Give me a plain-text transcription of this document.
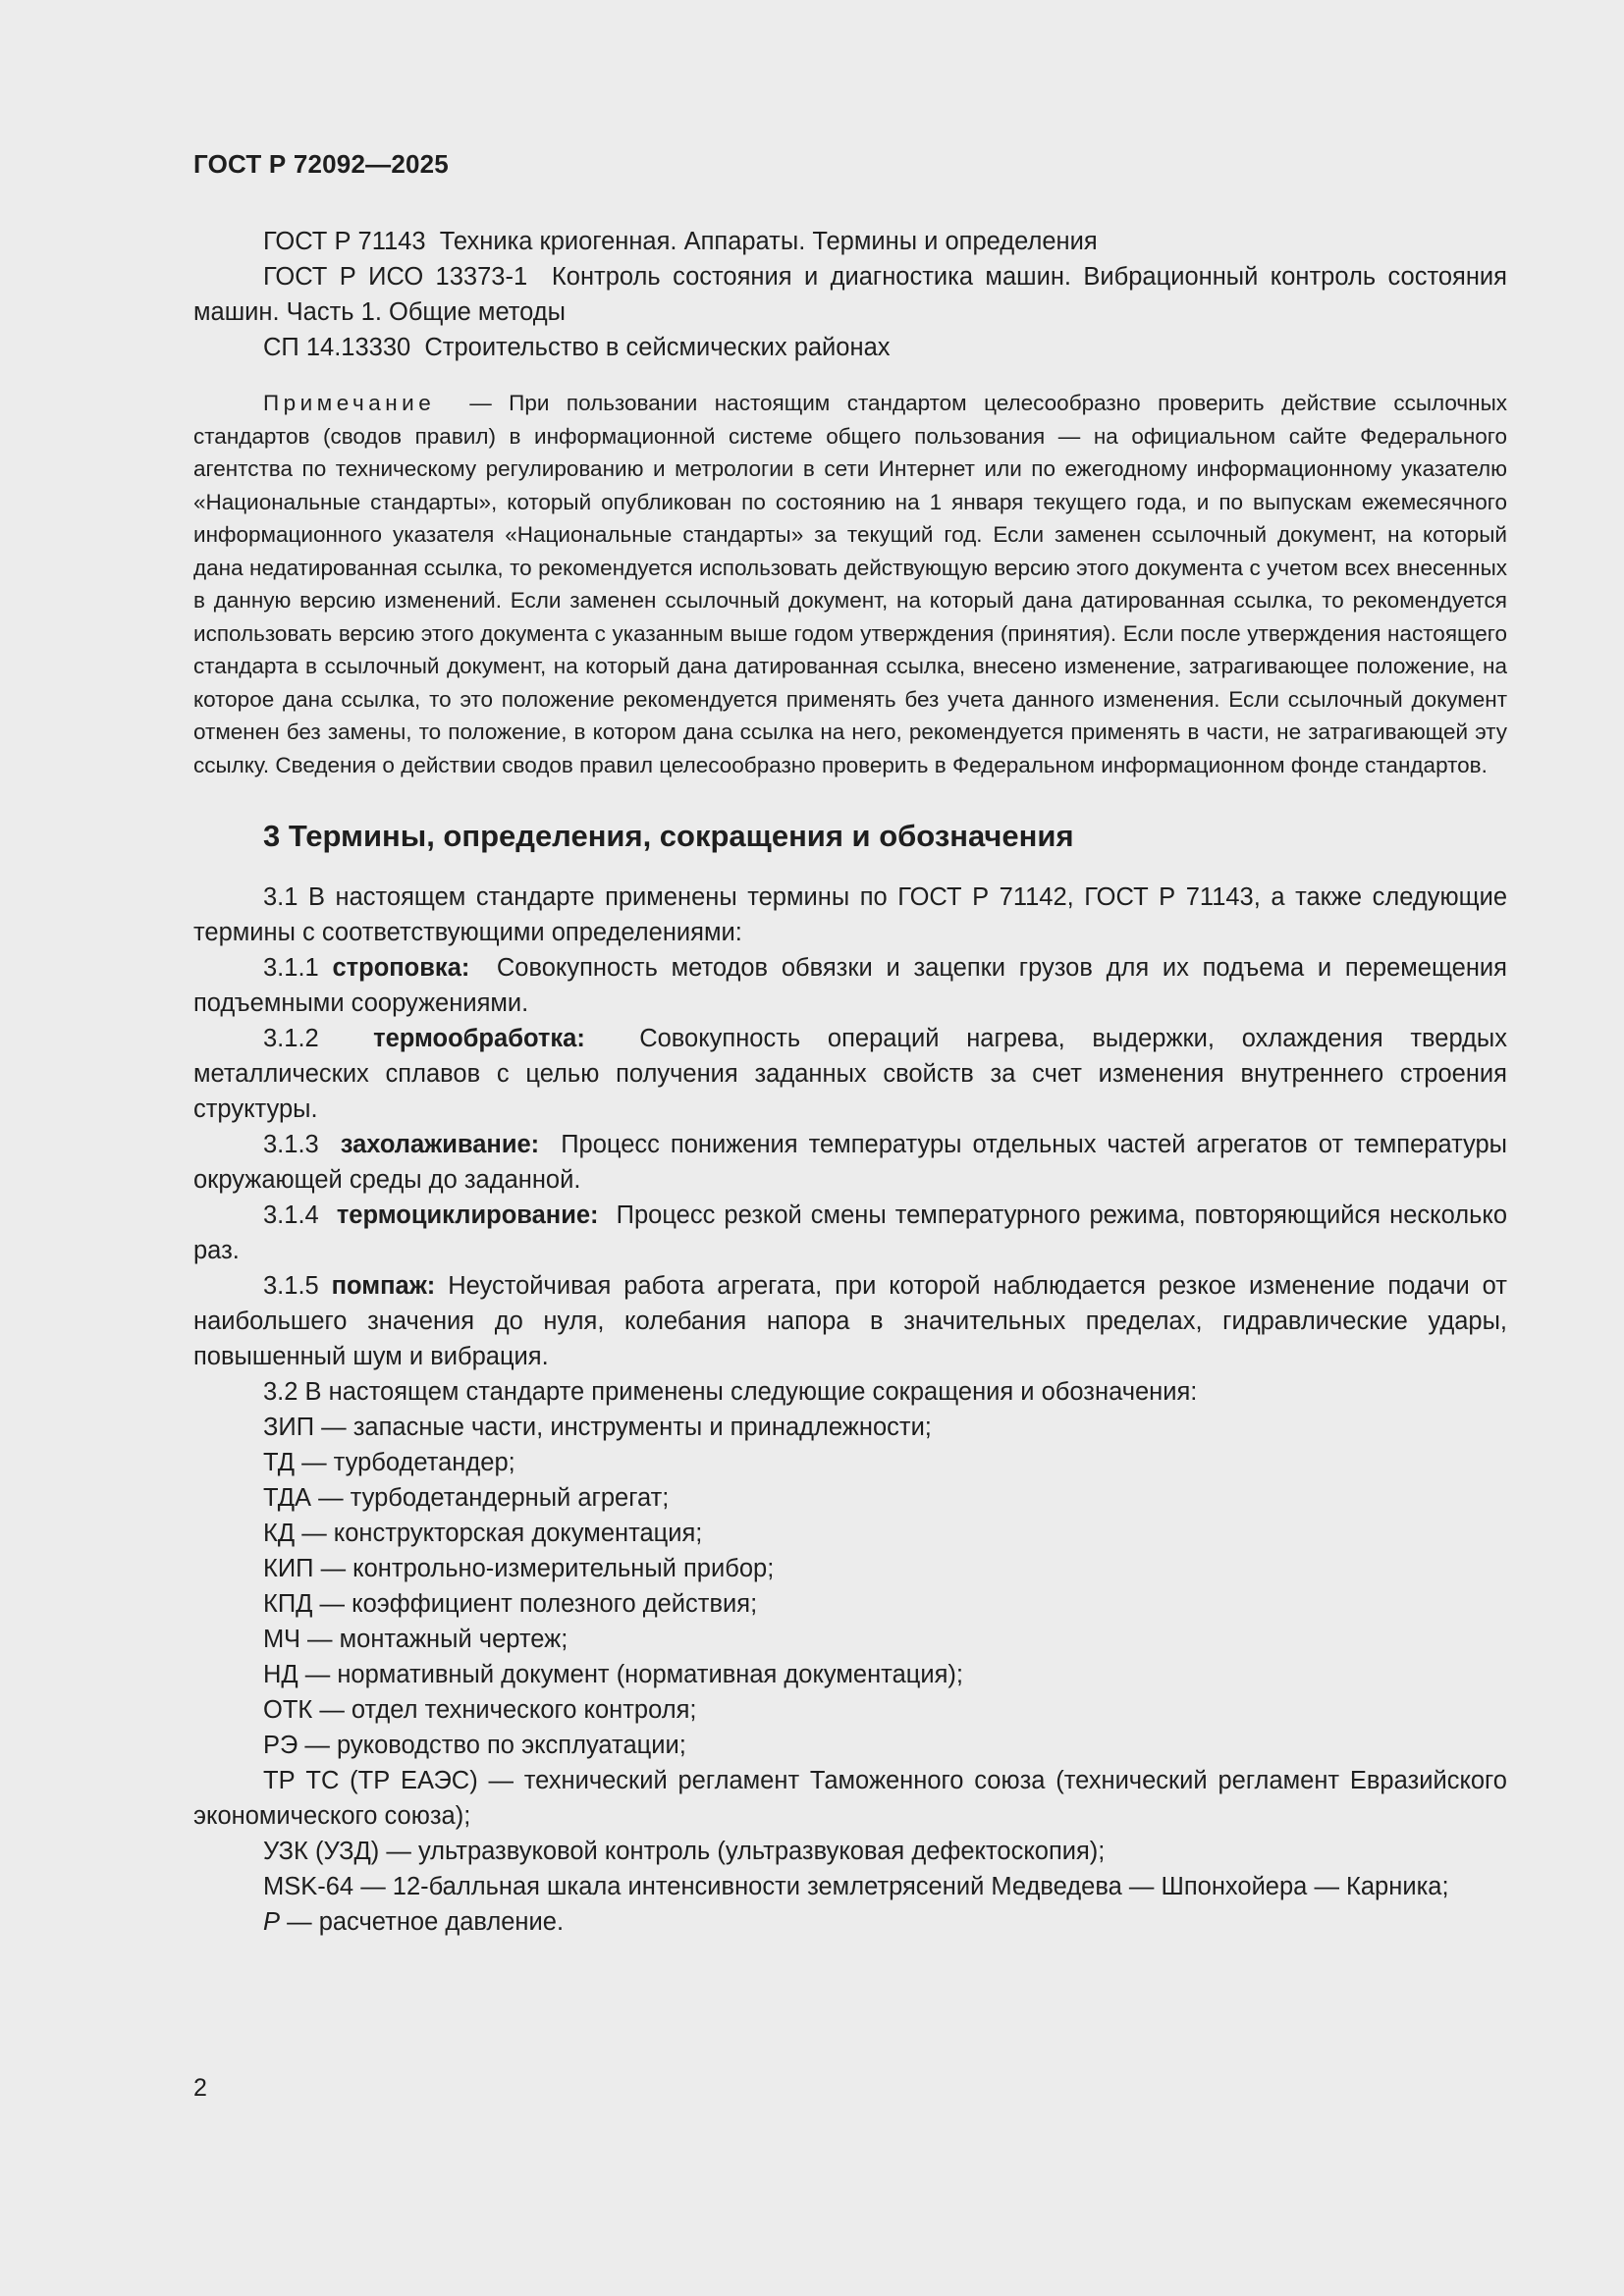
ГОСТ Р 72092—2025

ГОСТ Р 71143 Техника криогенная. Аппараты. Термины и определения

ГОСТ Р ИСО 13373-1 Контроль состояния и диагностика машин. Вибрационный контроль состояния машин. Часть 1. Общие методы

СП 14.13330 Строительство в сейсмических районах

Примечание — При пользовании настоящим стандартом целесообразно проверить действие ссылочных стандартов (сводов правил) в информационной системе общего пользования — на официальном сайте Федерального агентства по техническому регулированию и метрологии в сети Интернет или по ежегодному информационному указателю «Национальные стандарты», который опубликован по состоянию на 1 января текущего года, и по выпускам ежемесячного информационного указателя «Национальные стандарты» за текущий год. Если заменен ссылочный документ, на который дана недатированная ссылка, то рекомендуется использовать действующую версию этого документа с учетом всех внесенных в данную версию изменений. Если заменен ссылочный документ, на который дана датированная ссылка, то рекомендуется использовать версию этого документа с указанным выше годом утверждения (принятия). Если после утверждения настоящего стандарта в ссылочный документ, на который дана датированная ссылка, внесено изменение, затрагивающее положение, на которое дана ссылка, то это положение рекомендуется применять без учета данного изменения. Если ссылочный документ отменен без замены, то положение, в котором дана ссылка на него, рекомендуется применять в части, не затрагивающей эту ссылку. Сведения о действии сводов правил целесообразно проверить в Федеральном информационном фонде стандартов.

3 Термины, определения, сокращения и обозначения

3.1 В настоящем стандарте применены термины по ГОСТ Р 71142, ГОСТ Р 71143, а также следующие термины с соответствующими определениями:

3.1.1 строповка: Совокупность методов обвязки и зацепки грузов для их подъема и перемещения подъемными сооружениями.

3.1.2 термообработка: Совокупность операций нагрева, выдержки, охлаждения твердых металлических сплавов с целью получения заданных свойств за счет изменения внутреннего строения структуры.

3.1.3 захолаживание: Процесс понижения температуры отдельных частей агрегатов от температуры окружающей среды до заданной.

3.1.4 термоциклирование: Процесс резкой смены температурного режима, повторяющийся несколько раз.

3.1.5 помпаж: Неустойчивая работа агрегата, при которой наблюдается резкое изменение подачи от наибольшего значения до нуля, колебания напора в значительных пределах, гидравлические удары, повышенный шум и вибрация.

3.2 В настоящем стандарте применены следующие сокращения и обозначения:

ЗИП — запасные части, инструменты и принадлежности;

ТД — турбодетандер;

ТДА — турбодетандерный агрегат;

КД — конструкторская документация;

КИП — контрольно-измерительный прибор;

КПД — коэффициент полезного действия;

МЧ — монтажный чертеж;

НД — нормативный документ (нормативная документация);

ОТК — отдел технического контроля;

РЭ — руководство по эксплуатации;

ТР ТС (ТР ЕАЭС) — технический регламент Таможенного союза (технический регламент Евразийского экономического союза);

УЗК (УЗД) — ультразвуковой контроль (ультразвуковая дефектоскопия);

MSK-64 — 12-балльная шкала интенсивности землетрясений Медведева — Шпонхойера — Карника;

P — расчетное давление.

2
